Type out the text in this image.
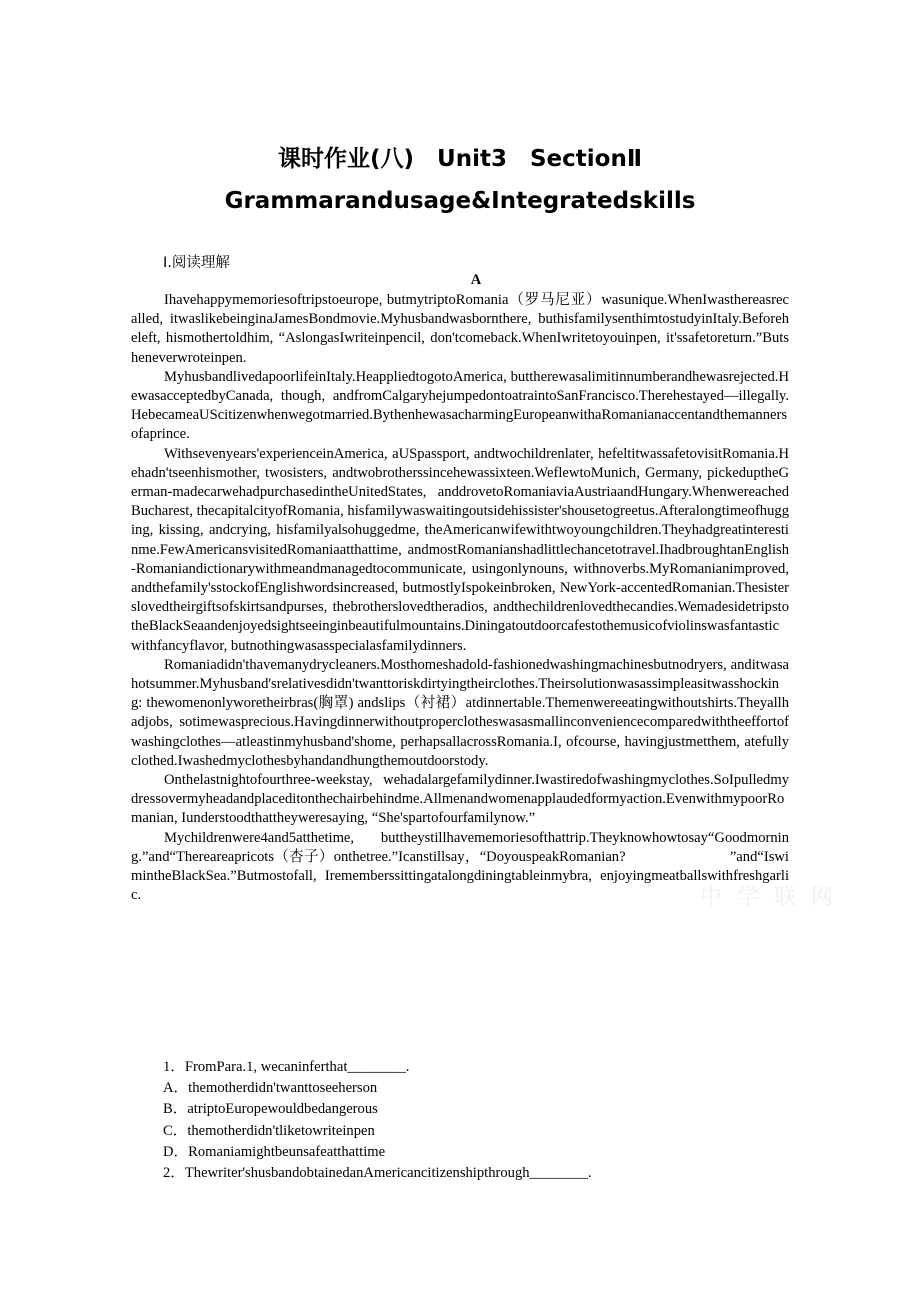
课时作业(八)　Unit3　SectionⅡ
Grammarandusage&Integratedskills
Ⅰ.阅读理解
A

Ihavehappymemoriesoftripstoeurope, butmytriptoRomania（罗马尼亚）wasunique.WhenIwasthereasrecalled, itwaslikebeinginaJamesBondmovie.Myhusbandwasbornthere, buthisfamilysenthimtostudyinItaly.Beforeheleft, hismothertoldhim, “AslongasIwriteinpencil, don'tcomeback.WhenIwritetoyouinpen, it'ssafetoreturn.”Butsheneverwroteinpen.

MyhusbandlivedapoorlifeinItaly.HeappliedtogotoAmerica, buttherewasalimitinnumberandhewasrejected.HewasacceptedbyCanada, though, andfromCalgaryhejumpedontoatraintoSanFrancisco.Therehestayed—illegally.HebecameaUScitizenwhenwegotmarried.BythenhewasacharmingEuropeanwithaRomanianaccentandthemannersofaprince.

Withsevenyears'experienceinAmerica, aUSpassport, andtwochildrenlater, hefeltitwassafetovisitRomania.Hehadn'tseenhismother, twosisters, andtwobrotherssincehewassixteen.WeflewtoMunich, Germany, pickeduptheGerman-madecarwehadpurchasedintheUnitedStates, anddrovetoRomaniaviaAustriaandHungary.WhenwereachedBucharest, thecapitalcityofRomania, hisfamilywaswaitingoutsidehissister'shousetogreetus.Afteralongtimeofhugging, kissing, andcrying, hisfamilyalsohuggedme, theAmericanwifewithtwoyoungchildren.Theyhadgreatinterestinme.FewAmericansvisitedRomaniaatthattime, andmostRomanianshadlittlechancetotravel.IhadbroughtanEnglish-Romaniandictionarywithmeandmanagedtocommunicate, usingonlynouns, withnoverbs.MyRomanianimproved, andthefamily'sstockofEnglishwordsincreased, butmostlyIspokeinbroken, NewYork-accentedRomanian.Thesisterslovedtheirgiftsofskirtsandpurses, thebrotherslovedtheradios, andthechildrenlovedthecandies.WemadesidetripstotheBlackSeaandenjoyedsightseeinginbeautifulmountains.Diningatoutdoorcafestothemusicofviolinswasfantasticwithfancyflavor, butnothingwasasspecialasfamilydinners.

Romaniadidn'thavemanydrycleaners.Mosthomeshadold-fashionedwashingmachinesbutnodryers, anditwasahotsummer.Myhusband'srelativesdidn'twanttoriskdirtyingtheirclothes.Theirsolutionwasassimpleasitwasshocking: thewomenonlyworetheirbras(胸罩) andslips（衬裙）atdinnertable.Themenwereeatingwithoutshirts.Theyallhadjobs, sotimewasprecious.Havingdinnerwithoutproperclotheswasasmallinconveniencecomparedwiththeeffortofwashingclothes—atleastinmyhusband'shome, perhapsallacrossRomania.I, ofcourse, havingjustmetthem, atefullyclothed.Iwashedmyclothesbyhandandhungthemoutdoorstody.

Onthelastnightofourthree-weekstay, wehadalargefamilydinner.Iwastiredofwashingmyclothes.SoIpulledmydressovermyheadandplaceditonthechairbehindme.Allmenandwomenapplaudedformyaction.EvenwithmypoorRomanian, Iunderstoodthattheyweresaying, “She'spartofourfamilynow.”

Mychildrenwere4and5atthetime, buttheystillhavememoriesofthattrip.Theyknowhowtosay“Goodmorning.”and“Thereareapricots（杏子）onthetree.”Icanstillsay，“DoyouspeakRomanian?　　　　　　　”and“IswimintheBlackSea.”Butmostofall, Irememberssittingatalongdiningtableinmybra, enjoyingmeatballswithfreshgarlic.

1．FromPara.1, wecaninferthat________.
A．themotherdidn'twanttoseeherson
B．atriptoEuropewouldbedangerous
C．themotherdidn'tliketowriteinpen
D．Romaniamightbeunsafeatthattime
2．Thewriter'shusbandobtainedanAmericancitizenshipthrough________.
中 学 联 网
